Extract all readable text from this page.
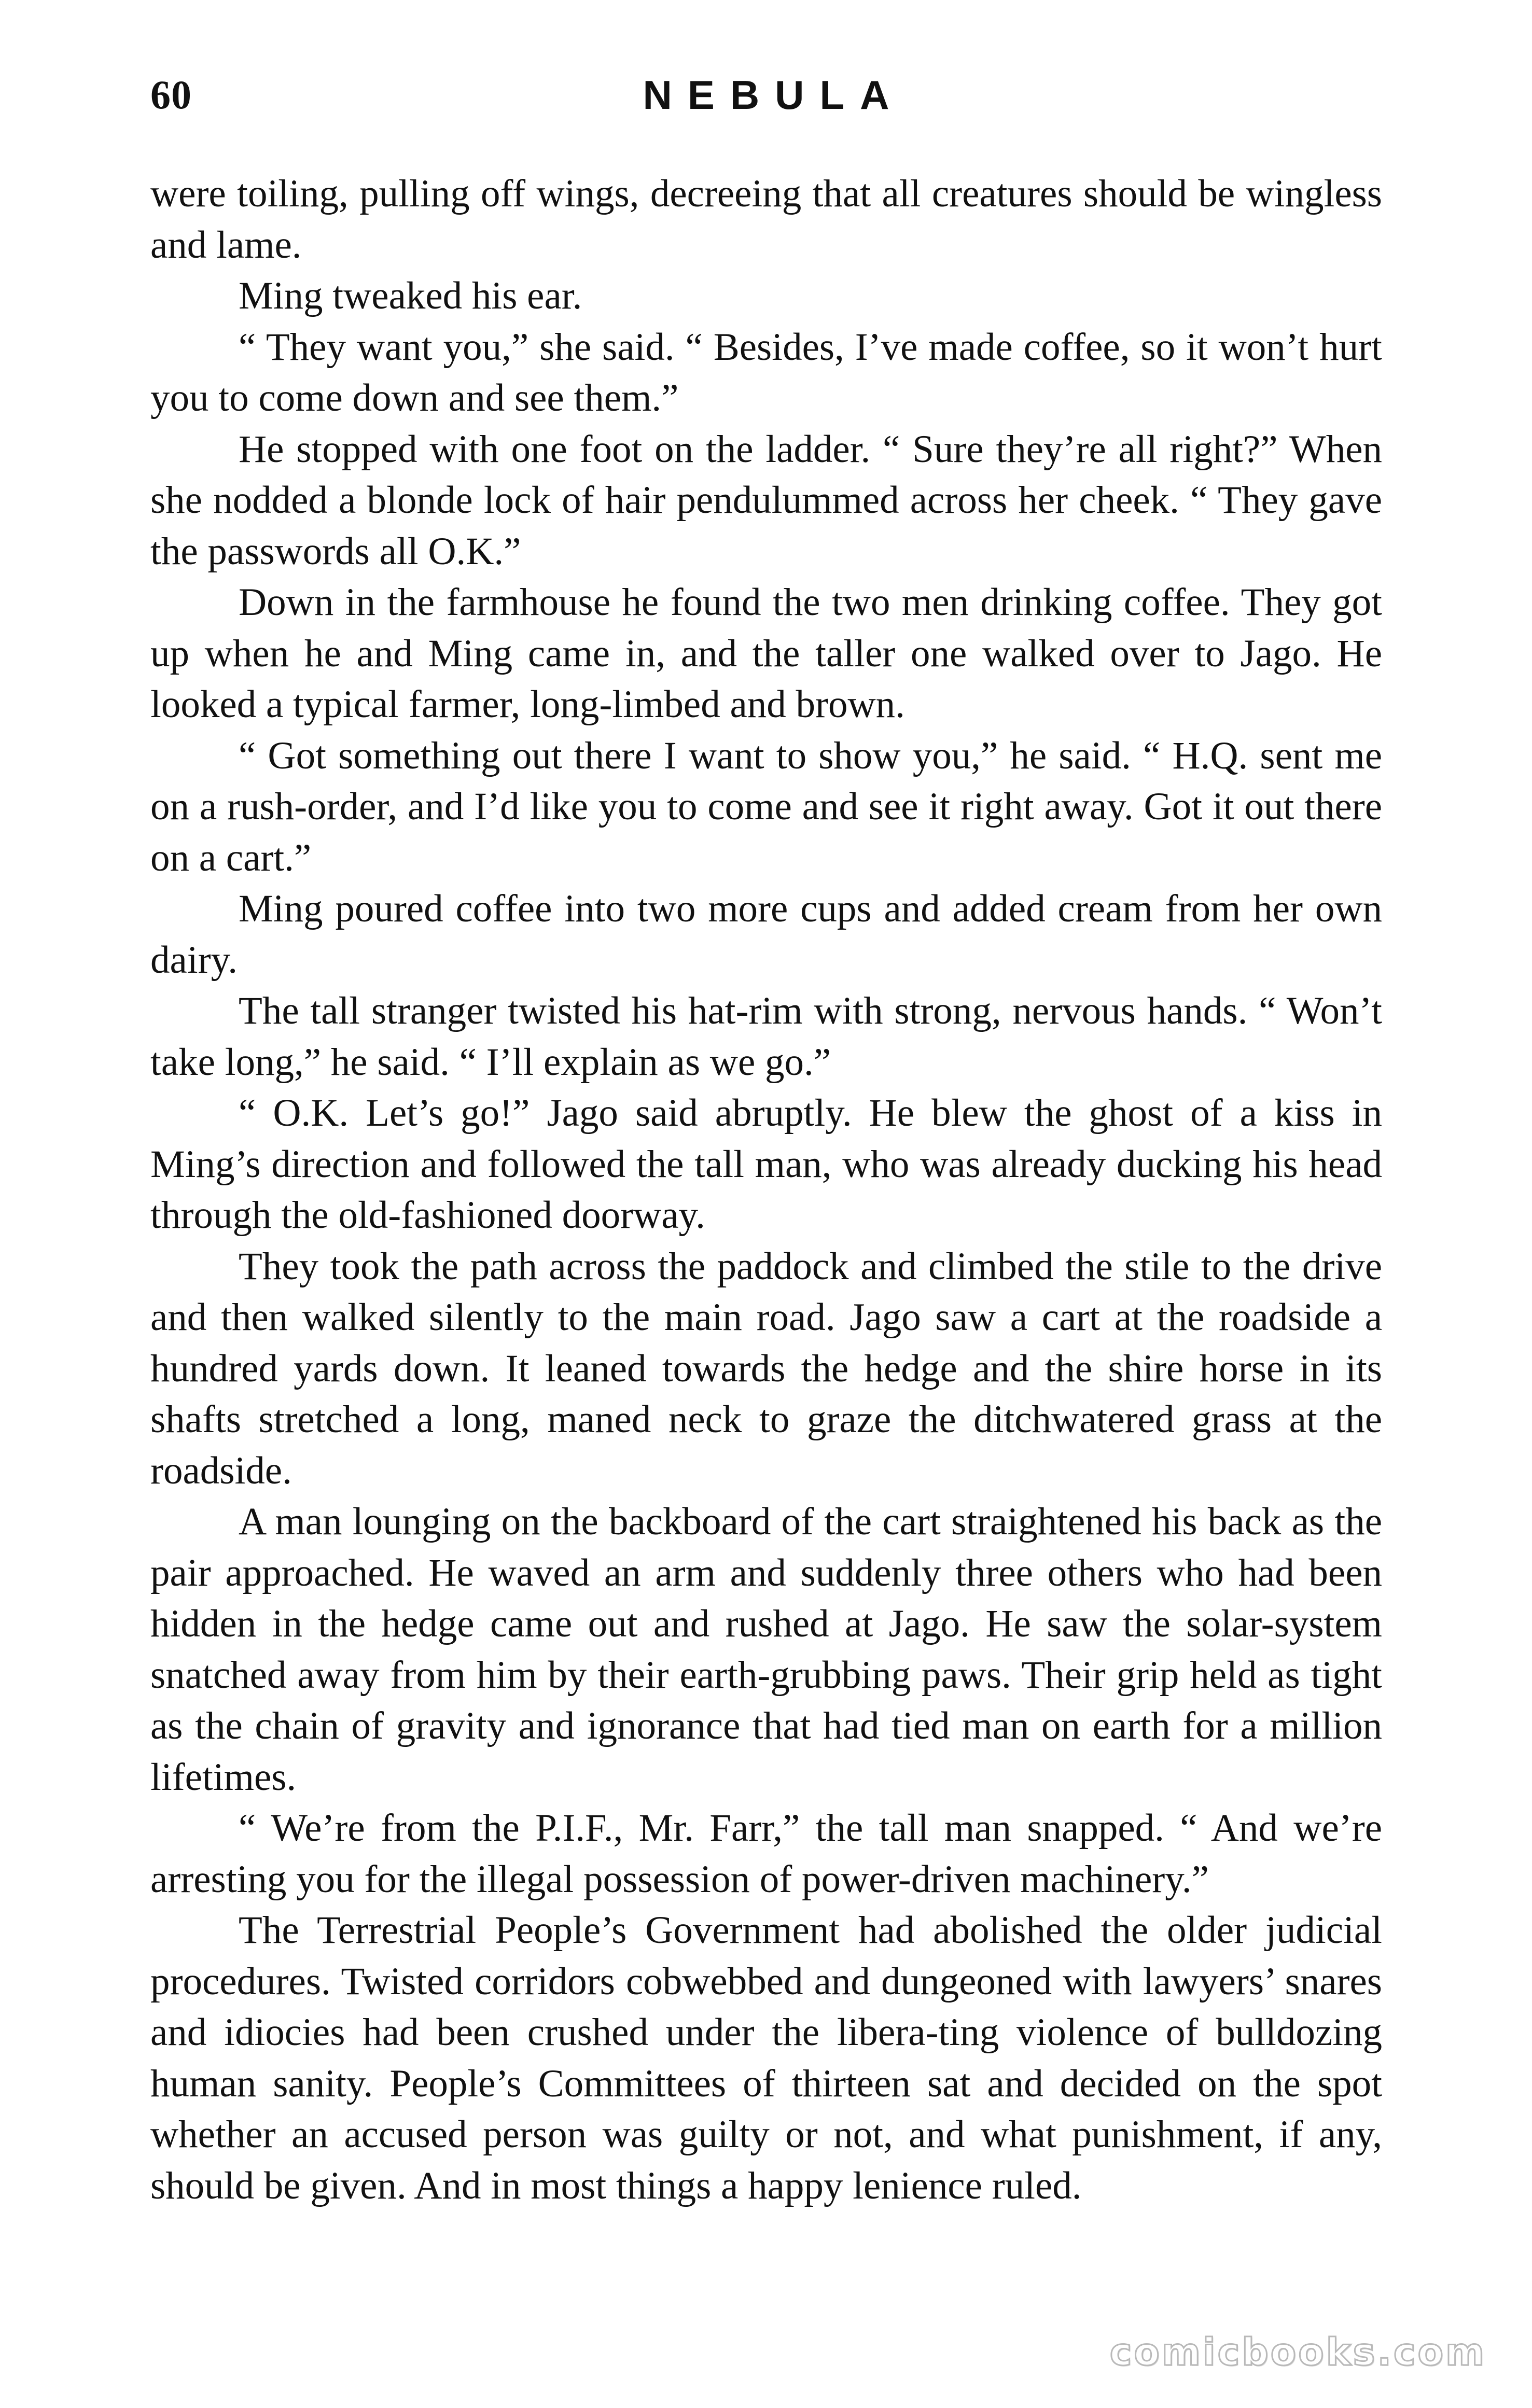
60	NEBULA

were toiling, pulling off wings, decreeing that all creatures should be wingless and lame.

Ming tweaked his ear.

“ They want you,” she said. “ Besides, I’ve made coffee, so it won’t hurt you to come down and see them.”

He stopped with one foot on the ladder. “ Sure they’re all right?” When she nodded a blonde lock of hair pendulummed across her cheek. “ They gave the passwords all O.K.”

Down in the farmhouse he found the two men drinking coffee. They got up when he and Ming came in, and the taller one walked over to Jago. He looked a typical farmer, long-limbed and brown.

“ Got something out there I want to show you,” he said. “ H.Q. sent me on a rush-order, and I’d like you to come and see it right away. Got it out there on a cart.”

Ming poured coffee into two more cups and added cream from her own dairy.

The tall stranger twisted his hat-rim with strong, nervous hands. “ Won’t take long,” he said. “ I’ll explain as we go.”

“ O.K. Let’s go!” Jago said abruptly. He blew the ghost of a kiss in Ming’s direction and followed the tall man, who was already ducking his head through the old-fashioned doorway.

They took the path across the paddock and climbed the stile to the drive and then walked silently to the main road. Jago saw a cart at the roadside a hundred yards down. It leaned towards the hedge and the shire horse in its shafts stretched a long, maned neck to graze the ditchwatered grass at the roadside.

A man lounging on the backboard of the cart straightened his back as the pair approached. He waved an arm and suddenly three others who had been hidden in the hedge came out and rushed at Jago. He saw the solar-system snatched away from him by their earth-grubbing paws. Their grip held as tight as the chain of gravity and ignorance that had tied man on earth for a million lifetimes.

“ We’re from the P.I.F., Mr. Farr,” the tall man snapped. “ And we’re arresting you for the illegal possession of power-driven machinery.”

The Terrestrial People’s Government had abolished the older judicial procedures. Twisted corridors cobwebbed and dungeoned with lawyers’ snares and idiocies had been crushed under the libera-ting violence of bulldozing human sanity. People’s Committees of thirteen sat and decided on the spot whether an accused person was guilty or not, and what punishment, if any, should be given. And in most things a happy lenience ruled.

comicbooks.com
